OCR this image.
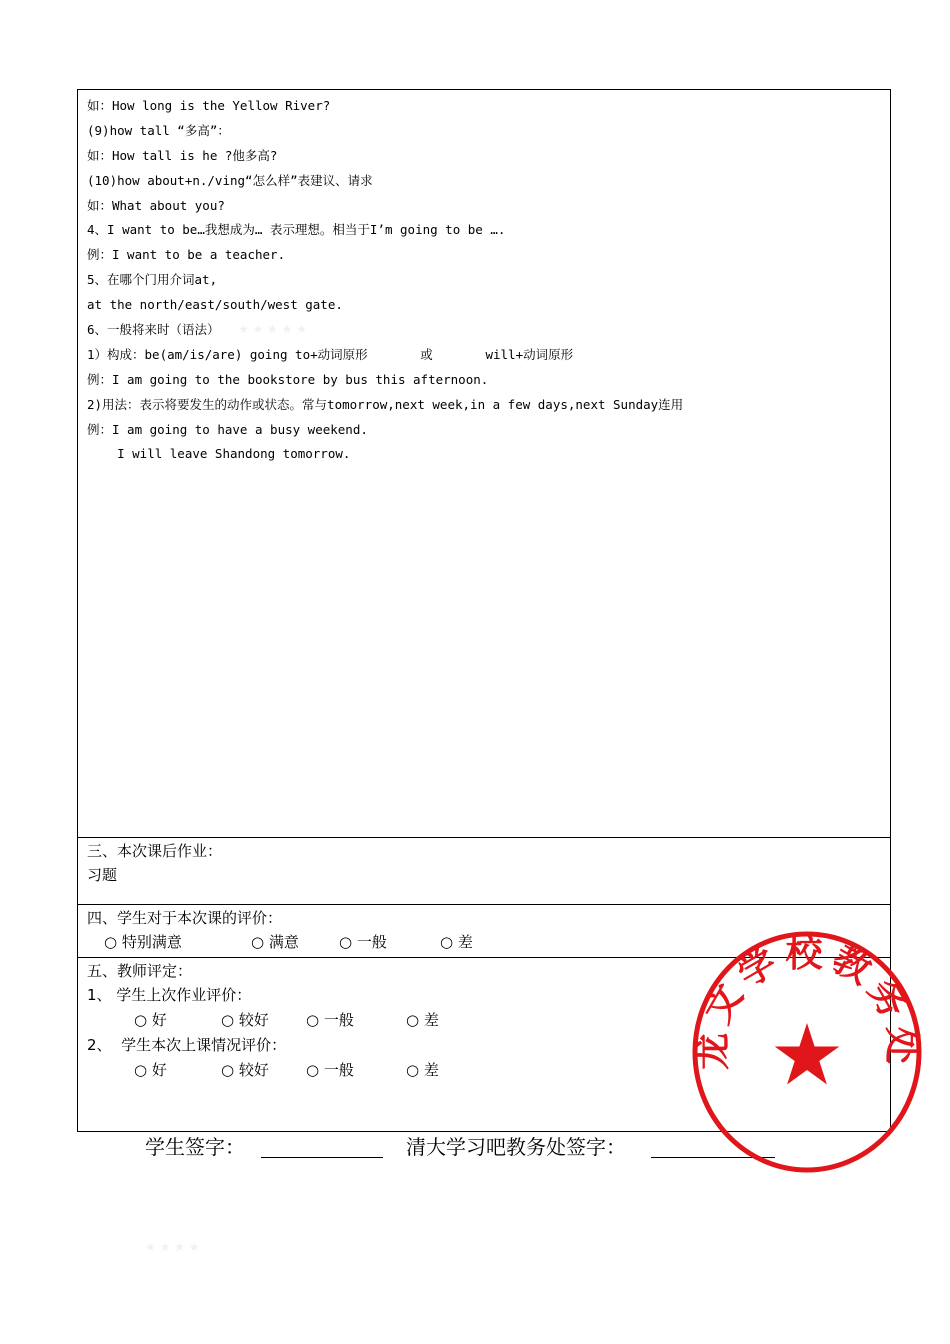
如：How long is the Yellow River?
(9)how tall “多高”：
如：How tall is he ?他多高?
(10)how about+n./ving“怎么样”表建议、请求
如：What about you?
4、I want to be…我想成为… 表示理想。相当于I’m going to be ….
例：I want to be a teacher.
5、在哪个门用介词at,
at the north/east/south/west gate.
6、一般将来时（语法）
1）构成：be(am/is/are) going to+动词原形       或       will+动词原形
例：I am going to the bookstore by bus this afternoon.
2)用法：表示将要发生的动作或状态。常与tomorrow,next week,in a few days,next Sunday连用
例：I am going to have a busy weekend.
I will leave Shandong tomorrow.
三、本次课后作业：
习题
四、学生对于本次课的评价：
○ 特别满意	○ 满意	○ 一般	○ 差
五、教师评定：
1、 学生上次作业评价：
○ 好	○ 较好 ○ 一般	○ 差
2、  学生本次上课情况评价：
○ 好	○ 较好 ○ 一般	○ 差
★ ★ ★ ★ ★
★ ★ ★ ★
学生签字：	清大学习吧教务处签字：
龙文学校教务处
